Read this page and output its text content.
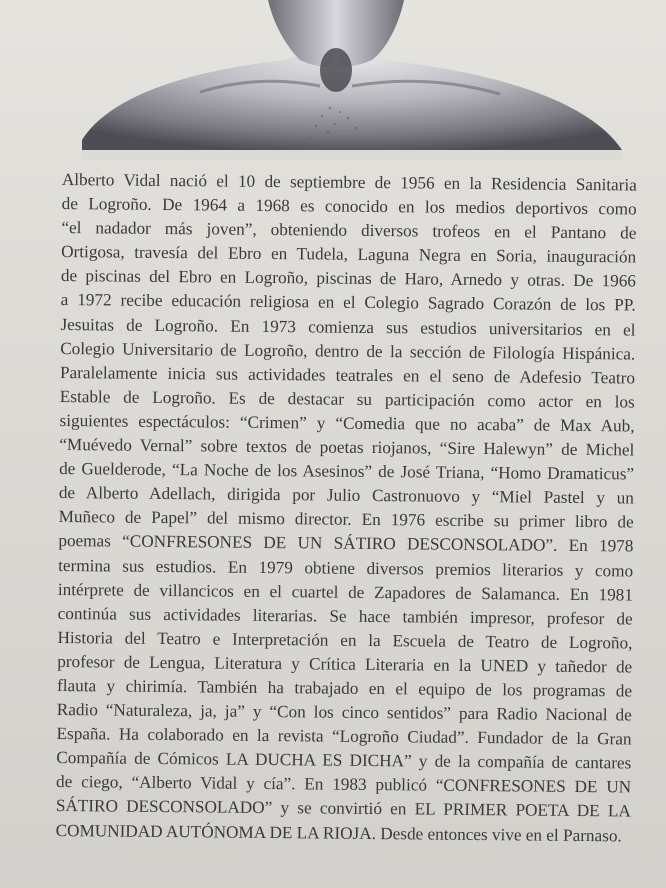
Alberto Vidal nació el 10 de septiembre de 1956 en la Residencia Sanitaria
de Logroño. De 1964 a 1968 es conocido en los medios deportivos como
“el nadador más joven”, obteniendo diversos trofeos en el Pantano de
Ortigosa, travesía del Ebro en Tudela, Laguna Negra en Soria, inauguración
de piscinas del Ebro en Logroño, piscinas de Haro, Arnedo y otras. De 1966
a 1972 recibe educación religiosa en el Colegio Sagrado Corazón de los PP.
Jesuitas de Logroño. En 1973 comienza sus estudios universitarios en el
Colegio Universitario de Logroño, dentro de la sección de Filología Hispánica.
Paralelamente inicia sus actividades teatrales en el seno de Adefesio Teatro
Estable de Logroño. Es de destacar su participación como actor en los
siguientes espectáculos: “Crimen” y “Comedia que no acaba” de Max Aub,
“Muévedo Vernal” sobre textos de poetas riojanos, “Sire Halewyn” de Michel
de Guelderode, “La Noche de los Asesinos” de José Triana, “Homo Dramaticus”
de Alberto Adellach, dirigida por Julio Castronuovo y “Miel Pastel y un
Muñeco de Papel” del mismo director. En 1976 escribe su primer libro de
poemas “CONFRESONES DE UN SÁTIRO DESCONSOLADO”. En 1978
termina sus estudios. En 1979 obtiene diversos premios literarios y como
intérprete de villancicos en el cuartel de Zapadores de Salamanca. En 1981
continúa sus actividades literarias. Se hace también impresor, profesor de
Historia del Teatro e Interpretación en la Escuela de Teatro de Logroño,
profesor de Lengua, Literatura y Crítica Literaria en la UNED y tañedor de
flauta y chirimía. También ha trabajado en el equipo de los programas de
Radio “Naturaleza, ja, ja” y “Con los cinco sentidos” para Radio Nacional de
España. Ha colaborado en la revista “Logroño Ciudad”. Fundador de la Gran
Compañía de Cómicos LA DUCHA ES DICHA” y de la compañía de cantares
de ciego, “Alberto Vidal y cía”. En 1983 publicó “CONFRESONES DE UN
SÁTIRO DESCONSOLADO” y se convirtió en EL PRIMER POETA DE LA
COMUNIDAD AUTÓNOMA DE LA RIOJA. Desde entonces vive en el Parnaso.
